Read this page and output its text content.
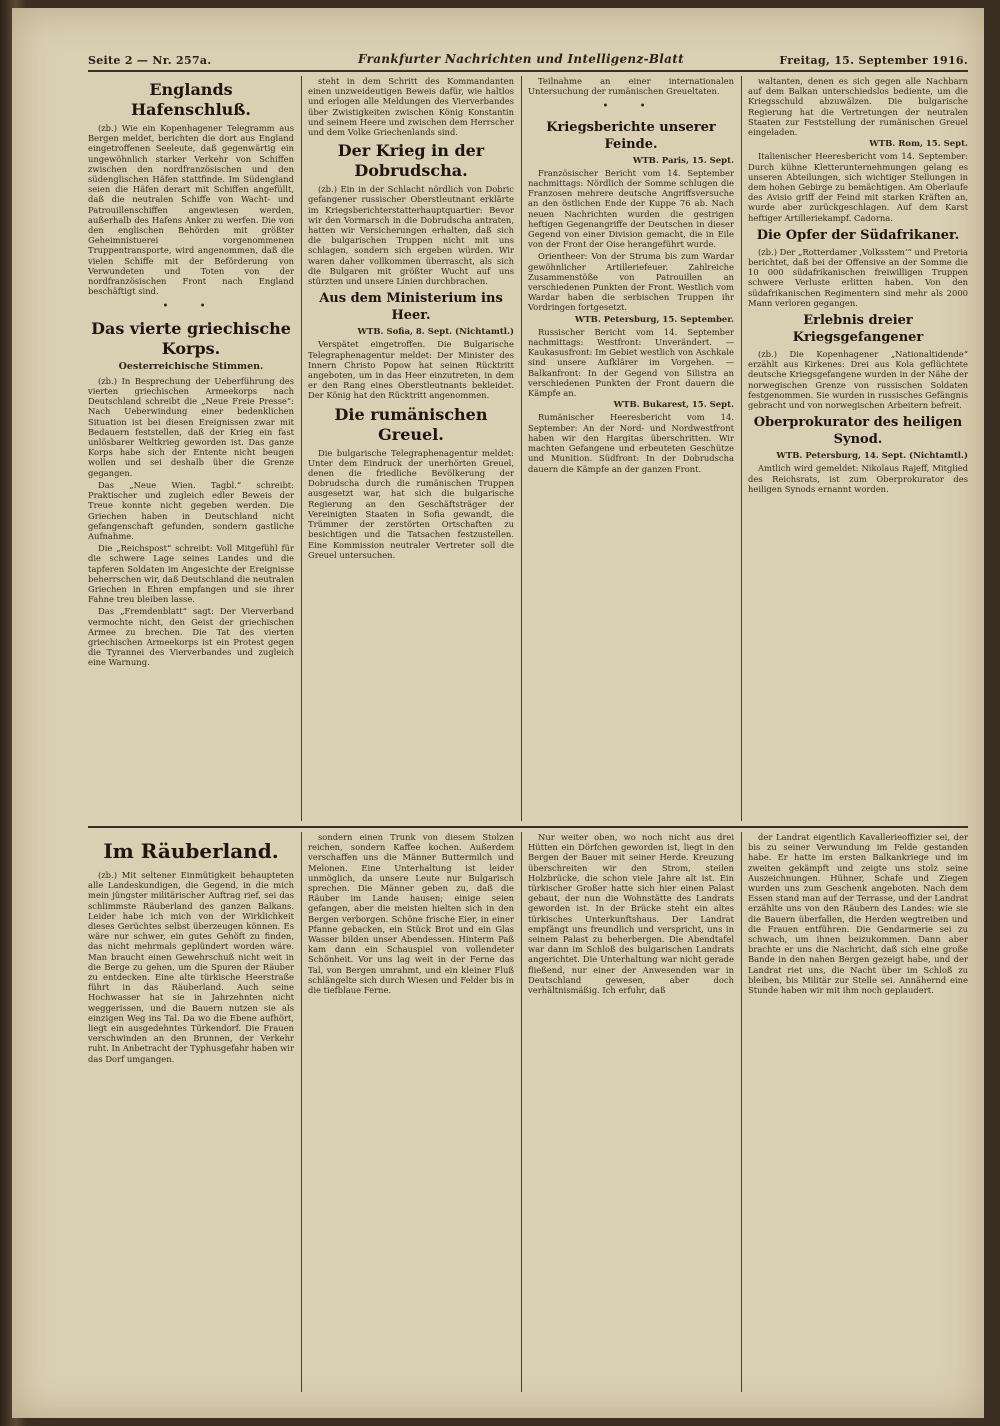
Seite 2 — Nr. 257a.	Frankfurter Nachrichten und Intelligenz-Blatt	Freitag, 15. September 1916.
Englands Hafenschluß.

(zb.) Wie ein Kopenhagener Telegramm aus Bergen meldet, berichten die dort aus England eingetroffenen Seeleute, daß gegenwärtig ein ungewöhnlich starker Verkehr von Schiffen zwischen den nordfranzösischen und den südenglischen Häfen stattfinde. Im Südengland seien die Häfen derart mit Schiffen angefüllt, daß die neutralen Schiffe von Wacht- und Patrouillenschiffen angewiesen werden, außerhalb des Hafens Anker zu werfen. Die von den englischen Behörden mit größter Geheimnistuerei vorgenommenen Truppentransporte, wird angenommen, daß die vielen Schiffe mit der Beförderung von Verwundeten und Toten von der nordfranzösischen Front nach England beschäftigt sind.

• •
Das vierte griechische Korps.
Oesterreichische Stimmen.

(zb.) In Besprechung der Ueberführung des vierten griechischen Armeekorps nach Deutschland schreibt die „Neue Freie Presse“: Nach Ueberwindung einer bedenklichen Situation ist bei diesen Ereignissen zwar mit Bedauern feststellen, daß der Krieg ein fast unlösbarer Weltkrieg geworden ist. Das ganze Korps habe sich der Entente nicht beugen wollen und sei deshalb über die Grenze gegangen.

Das „Neue Wien. Tagbl.“ schreibt: Praktischer und zugleich edler Beweis der Treue konnte nicht gegeben werden. Die Griechen haben in Deutschland nicht gefangenschaft gefunden, sondern gastliche Aufnahme.

Die „Reichspost“ schreibt: Voll Mitgefühl für die schwere Lage seines Landes und die tapferen Soldaten im Angesichte der Ereignisse beherrschen wir, daß Deutschland die neutralen Griechen in Ehren empfangen und sie ihrer Fahne treu bleiben lasse.

Das „Fremdenblatt“ sagt: Der Vierverband vermochte nicht, den Geist der griechischen Armee zu brechen. Die Tat des vierten griechischen Armeekorps ist ein Protest gegen die Tyrannei des Vierverbandes und zugleich eine Warnung.

steht in dem Schritt des Kommandanten einen unzweideutigen Beweis dafür, wie haltlos und erlogen alle Meldungen des Vierverbandes über Zwistigkeiten zwischen König Konstantin und seinem Heere und zwischen dem Herrscher und dem Volke Griechenlands sind.

Der Krieg in der Dobrudscha.

(zb.) Ein in der Schlacht nördlich von Dobric gefangener russischer Oberstleutnant erklärte im Kriegsberichterstatterhauptquartier: Bevor wir den Vormarsch in die Dobrudscha antraten, hatten wir Versicherungen erhalten, daß sich die bulgarischen Truppen nicht mit uns schlagen, sondern sich ergeben würden. Wir waren daher vollkommen überrascht, als sich die Bulgaren mit größter Wucht auf uns stürzten und unsere Linien durchbrachen.

Aus dem Ministerium ins Heer.
WTB. Sofia, 8. Sept. (Nichtamtl.)

Verspätet eingetroffen. Die Bulgarische Telegraphenagentur meldet: Der Minister des Innern Christo Popow hat seinen Rücktritt angeboten, um in das Heer einzutreten, in dem er den Rang eines Oberstleutnants bekleidet. Der König hat den Rücktritt angenommen.

Die rumänischen Greuel.

Die bulgarische Telegraphenagentur meldet: Unter dem Eindruck der unerhörten Greuel, denen die friedliche Bevölkerung der Dobrudscha durch die rumänischen Truppen ausgesetzt war, hat sich die bulgarische Regierung an den Geschäftsträger der Vereinigten Staaten in Sofia gewandt, die Trümmer der zerstörten Ortschaften zu besichtigen und die Tatsachen festzustellen. Eine Kommission neutraler Vertreter soll die Greuel untersuchen.

Teilnahme an einer internationalen Untersuchung der rumänischen Greueltaten.

• •
Kriegsberichte unserer Feinde.
WTB. Paris, 15. Sept.

Französischer Bericht vom 14. September nachmittags: Nördlich der Somme schlugen die Franzosen mehrere deutsche Angriffsversuche an den östlichen Ende der Kuppe 76 ab. Nach neuen Nachrichten wurden die gestrigen heftigen Gegenangriffe der Deutschen in dieser Gegend von einer Division gemacht, die in Eile von der Front der Oise herangeführt wurde.

Orientheer: Von der Struma bis zum Wardar gewöhnlicher Artilleriefeuer. Zahlreiche Zusammenstöße von Patrouillen an verschiedenen Punkten der Front. Westlich vom Wardar haben die serbischen Truppen ihr Vordringen fortgesetzt.

WTB. Petersburg, 15. September.

Russischer Bericht vom 14. September nachmittags: Westfront: Unverändert. — Kaukasusfront: Im Gebiet westlich von Aschkale sind unsere Aufklärer im Vorgehen. — Balkanfront: In der Gegend von Silistra an verschiedenen Punkten der Front dauern die Kämpfe an.

WTB. Bukarest, 15. Sept.

Rumänischer Heeresbericht vom 14. September: An der Nord- und Nordwestfront haben wir den Hargitas überschritten. Wir machten Gefangene und erbeuteten Geschütze und Munition. Südfront: In der Dobrudscha dauern die Kämpfe an der ganzen Front.

waltanten, denen es sich gegen alle Nachbarn auf dem Balkan unterschiedslos bediente, um die Kriegsschuld abzuwälzen. Die bulgarische Regierung hat die Vertretungen der neutralen Staaten zur Feststellung der rumänischen Greuel eingeladen.

WTB. Rom, 15. Sept.

Italienischer Heeresbericht vom 14. September: Durch kühne Kletterunternehmungen gelang es unseren Abteilungen, sich wichtiger Stellungen in dem hohen Gebirge zu bemächtigen. Am Oberlaufe des Avisio griff der Feind mit starken Kräften an, wurde aber zurückgeschlagen. Auf dem Karst heftiger Artilleriekampf. Cadorna.

Die Opfer der Südafrikaner.

(zb.) Der „Rotterdamer ‚Volksstem‘“ und Pretoria berichtet, daß bei der Offensive an der Somme die 10 000 südafrikanischen freiwilligen Truppen schwere Verluste erlitten haben. Von den südafrikanischen Regimentern sind mehr als 2000 Mann verloren gegangen.

Erlebnis dreier Kriegsgefangener

(zb.) Die Kopenhagener „Nationaltidende“ erzählt aus Kirkenes: Drei aus Kola geflüchtete deutsche Kriegsgefangene wurden in der Nähe der norwegischen Grenze von russischen Soldaten festgenommen. Sie wurden in russisches Gefängnis gebracht und von norwegischen Arbeitern befreit.

Oberprokurator des heiligen Synod.
WTB. Petersburg, 14. Sept. (Nichtamtl.)

Amtlich wird gemeldet: Nikolaus Rajeff, Mitglied des Reichsrats, ist zum Oberprokurator des heiligen Synods ernannt worden.

Im Räuberland.

(zb.) Mit seltener Einmütigkeit behaupteten alle Landeskundigen, die Gegend, in die mich mein jüngster militärischer Auftrag rief, sei das schlimmste Räuberland des ganzen Balkans. Leider habe ich mich von der Wirklichkeit dieses Gerüchtes selbst überzeugen können. Es wäre nur schwer, ein gutes Gehöft zu finden, das nicht mehrmals geplündert worden wäre. Man braucht einen Gewehrschuß nicht weit in die Berge zu gehen, um die Spuren der Räuber zu entdecken. Eine alte türkische Heerstraße führt in das Räuberland. Auch seine Hochwasser hat sie in Jahrzehnten nicht weggerissen, und die Bauern nutzen sie als einzigen Weg ins Tal. Da wo die Ebene aufhört, liegt ein ausgedehntes Türkendorf. Die Frauen verschwinden an den Brunnen, der Verkehr ruht. In Anbetracht der Typhusgefahr haben wir das Dorf umgangen.

sondern einen Trunk von diesem Stolzen reichen, sondern Kaffee kochen. Außerdem verschaffen uns die Männer Buttermilch und Melonen. Eine Unterhaltung ist leider unmöglich, da unsere Leute nur Bulgarisch sprechen. Die Männer geben zu, daß die Räuber im Lande hausen; einige seien gefangen, aber die meisten hielten sich in den Bergen verborgen. Schöne frische Eier, in einer Pfanne gebacken, ein Stück Brot und ein Glas Wasser bilden unser Abendessen. Hinterm Paß kam dann ein Schauspiel von vollendeter Schönheit. Vor uns lag weit in der Ferne das Tal, von Bergen umrahmt, und ein kleiner Fluß schlängelte sich durch Wiesen und Felder bis in die tiefblaue Ferne.

Nur weiter oben, wo noch nicht aus drei Hütten ein Dörfchen geworden ist, liegt in den Bergen der Bauer mit seiner Herde. Kreuzung überschreiten wir den Strom, steilen Holzbrücke, die schon viele Jahre alt ist. Ein türkischer Großer hatte sich hier einen Palast gebaut, der nun die Wohnstätte des Landrats geworden ist. In der Brücke steht ein altes türkisches Unterkunftshaus. Der Landrat empfängt uns freundlich und verspricht, uns in seinem Palast zu beherbergen. Die Abendtafel war dann im Schloß des bulgarischen Landrats angerichtet. Die Unterhaltung war nicht gerade fließend, nur einer der Anwesenden war in Deutschland gewesen, aber doch verhältnismäßig. Ich erfuhr, daß

der Landrat eigentlich Kavallerieoffizier sei, der bis zu seiner Verwundung im Felde gestanden habe. Er hatte im ersten Balkankriege und im zweiten gekämpft und zeigte uns stolz seine Auszeichnungen. Hühner, Schafe und Ziegen wurden uns zum Geschenk angeboten. Nach dem Essen stand man auf der Terrasse, und der Landrat erzählte uns von den Räubern des Landes: wie sie die Bauern überfallen, die Herden wegtreiben und die Frauen entführen. Die Gendarmerie sei zu schwach, um ihnen beizukommen. Dann aber brachte er uns die Nachricht, daß sich eine große Bande in den nahen Bergen gezeigt habe, und der Landrat riet uns, die Nacht über im Schloß zu bleiben, bis Militär zur Stelle sei. Annähernd eine Stunde haben wir mit ihm noch geplaudert.
